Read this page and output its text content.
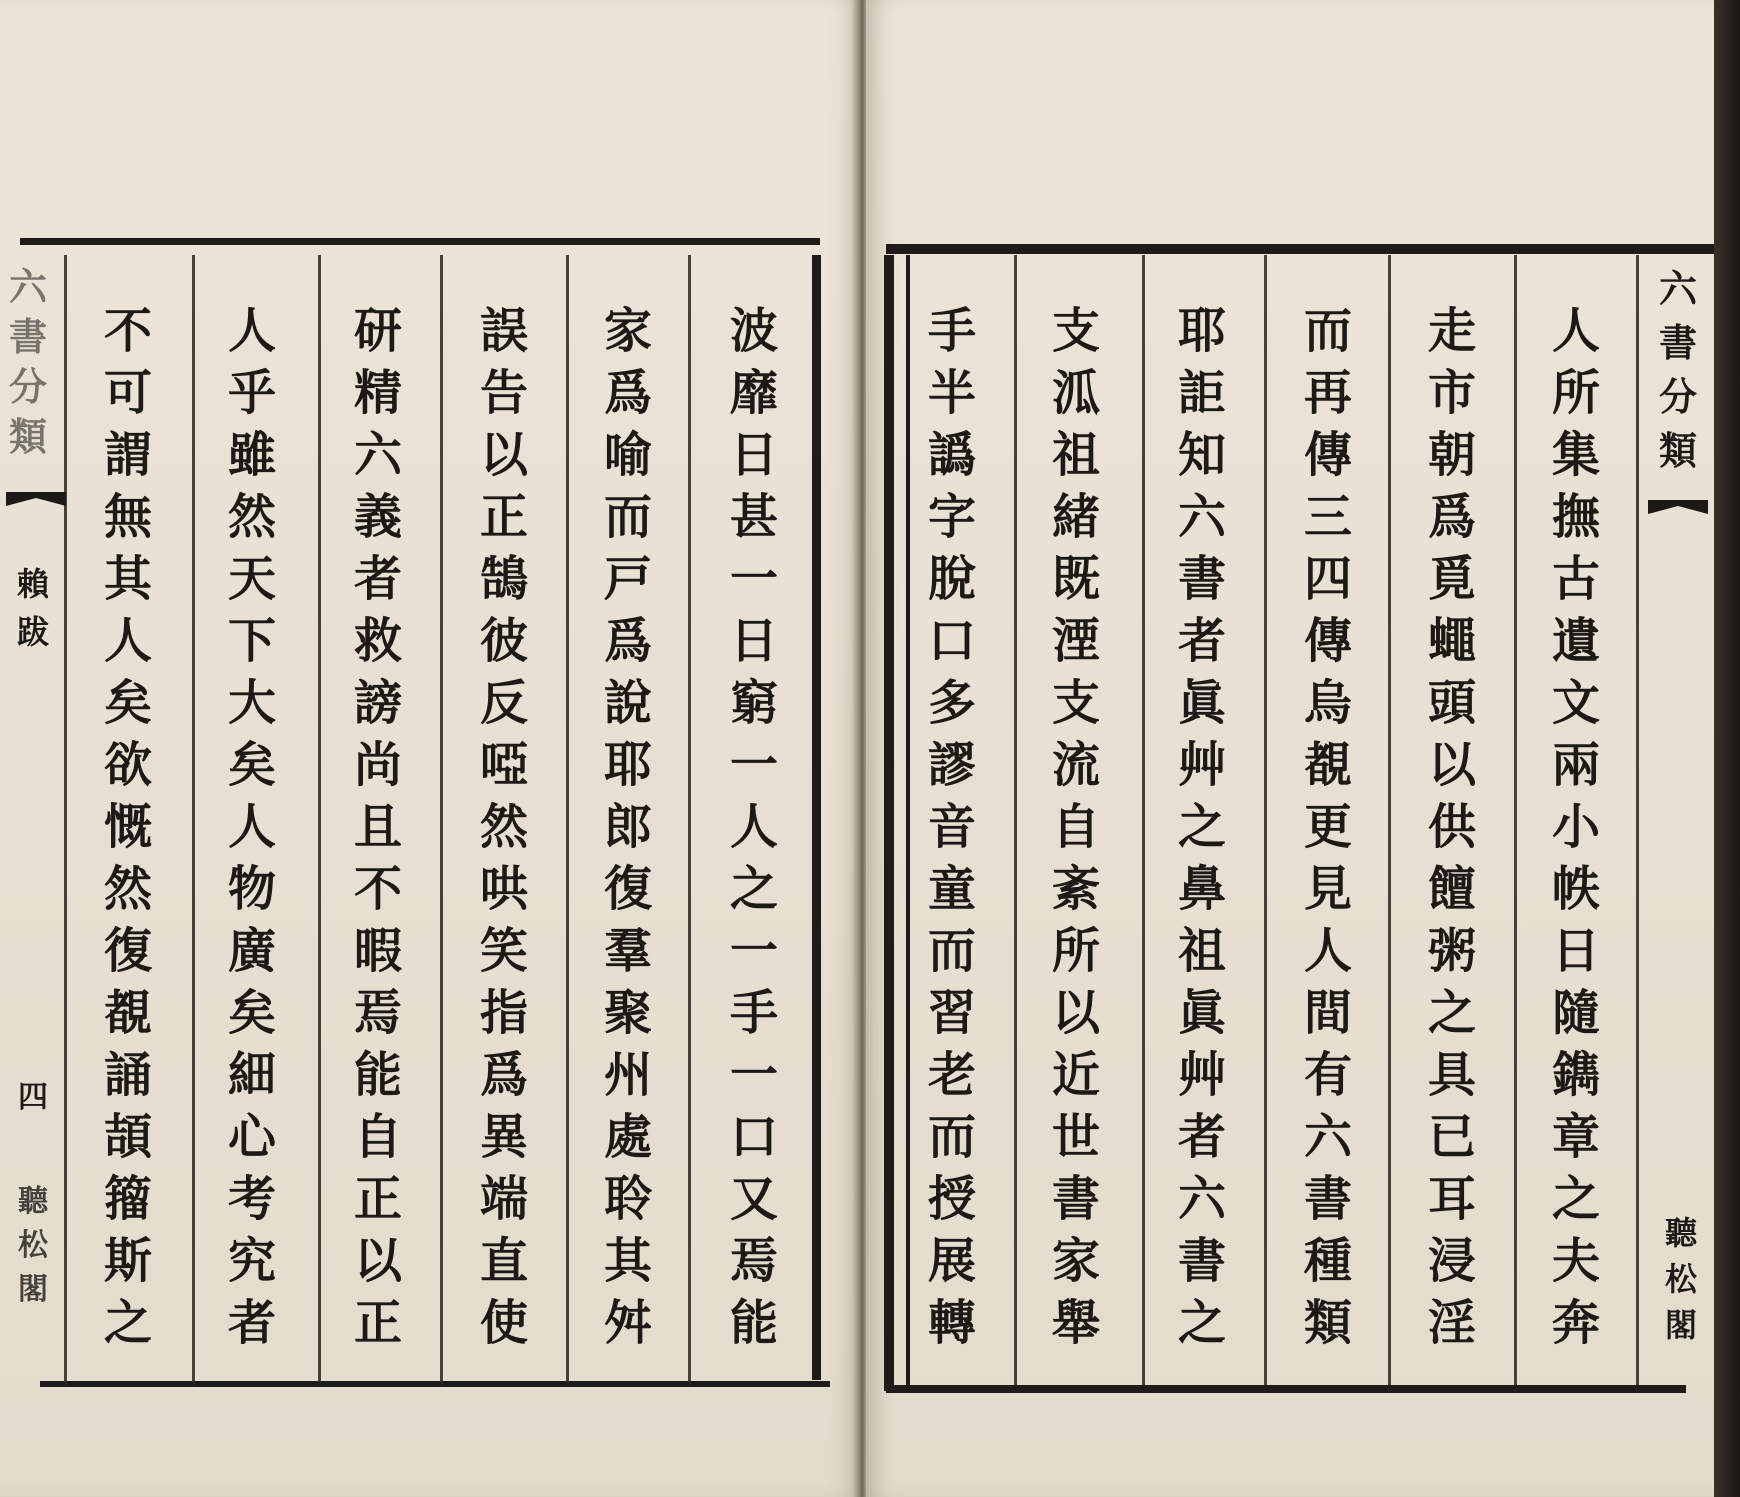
波
靡
日
甚
一
日
窮
一
人
之
一
手
一
口
又
焉
能
家
爲
喻
而
戸
爲
說
耶
郎
復
羣
聚
州
處
聆
其
舛
誤
告
以
正
鵠
彼
反
啞
然
哄
笑
指
爲
異
端
直
使
研
精
六
義
者
救
謗
尚
且
不
暇
焉
能
自
正
以
正
人
乎
雖
然
天
下
大
矣
人
物
廣
矣
細
心
考
究
者
不
可
謂
無
其
人
矣
欲
慨
然
復
覩
誦
頡
籀
斯
之
六
書
分
類
賴
跋
四
聽
松
閣
人
所
集
撫
古
遺
文
兩
小
帙
日
隨
鐫
章
之
夫
奔
走
市
朝
爲
覓
蠅
頭
以
供
饘
粥
之
具
已
耳
浸
淫
而
再
傳
三
四
傳
烏
覩
更
見
人
間
有
六
書
種
類
耶
詎
知
六
書
者
眞
艸
之
鼻
祖
眞
艸
者
六
書
之
支
泒
祖
緒
既
湮
支
流
自
紊
所
以
近
世
書
家
舉
手
半
譌
字
脫
口
多
謬
音
童
而
習
老
而
授
展
轉
六
書
分
類
聽
松
閣
